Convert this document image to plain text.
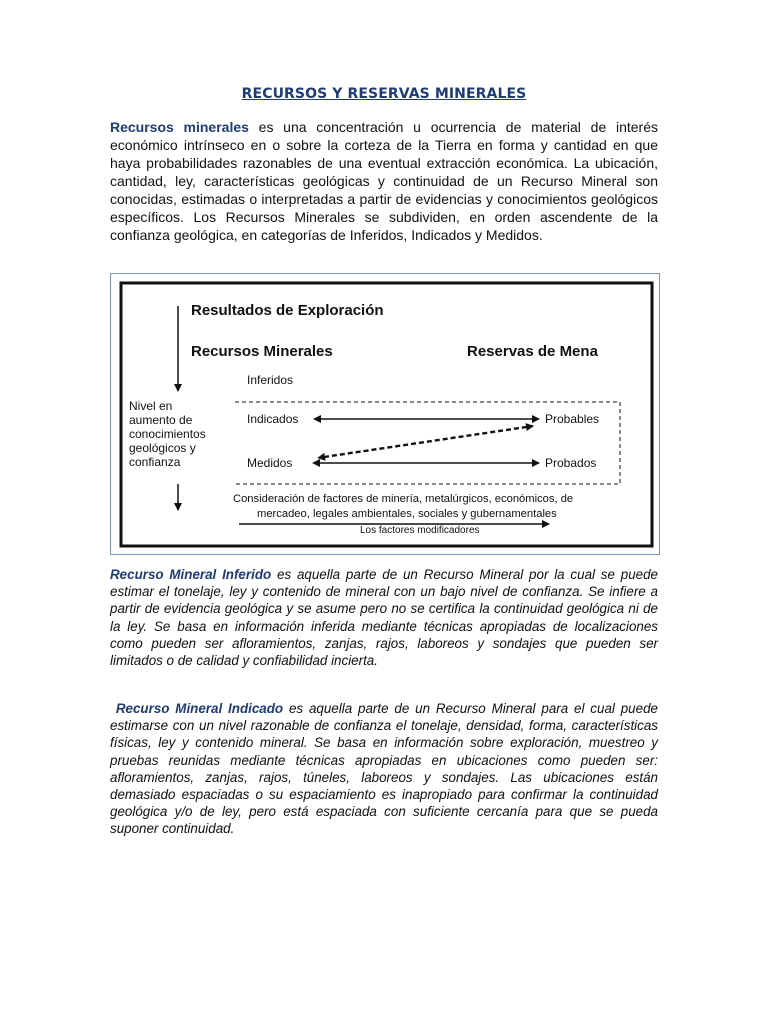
RECURSOS Y RESERVAS MINERALES
Recursos minerales es una concentración u ocurrencia de material de interés económico intrínseco en o sobre la corteza de la Tierra en forma y cantidad en que haya probabilidades razonables de una eventual extracción económica. La ubicación, cantidad, ley, características geológicas y continuidad de un Recurso Mineral son conocidas, estimadas o interpretadas a partir de evidencias y conocimientos geológicos específicos. Los Recursos Minerales se subdividen, en orden ascendente de la confianza geológica, en categorías de Inferidos, Indicados y Medidos.
Resultados de Exploración
Recursos Minerales	Reservas de Mena
Nivel en
aumento de
conocimientos
geológicos y
confianza
Inferidos
Indicados
Medidos
Probables
Probados
Consideración de factores de minería, metalúrgicos, económicos, de
mercadeo, legales ambientales, sociales y gubernamentales
Los factores modificadores
Recurso Mineral Inferido es aquella parte de un Recurso Mineral por la cual se puede estimar el tonelaje, ley y contenido de mineral con un bajo nivel de confianza. Se infiere a partir de evidencia geológica y se asume pero no se certifica la continuidad geológica ni de la ley. Se basa en información inferida mediante técnicas apropiadas de localizaciones como pueden ser afloramientos, zanjas, rajos, laboreos y sondajes que pueden ser limitados o de calidad y confiabilidad incierta.
Recurso Mineral Indicado es aquella parte de un Recurso Mineral para el cual puede estimarse con un nivel razonable de confianza el tonelaje, densidad, forma, características físicas, ley y contenido mineral. Se basa en información sobre exploración, muestreo y pruebas reunidas mediante técnicas apropiadas en ubicaciones como pueden ser: afloramientos, zanjas, rajos, túneles, laboreos y sondajes. Las ubicaciones están demasiado espaciadas o su espaciamiento es inapropiado para confirmar la continuidad geológica y/o de ley, pero está espaciada con suficiente cercanía para que se pueda suponer continuidad.
